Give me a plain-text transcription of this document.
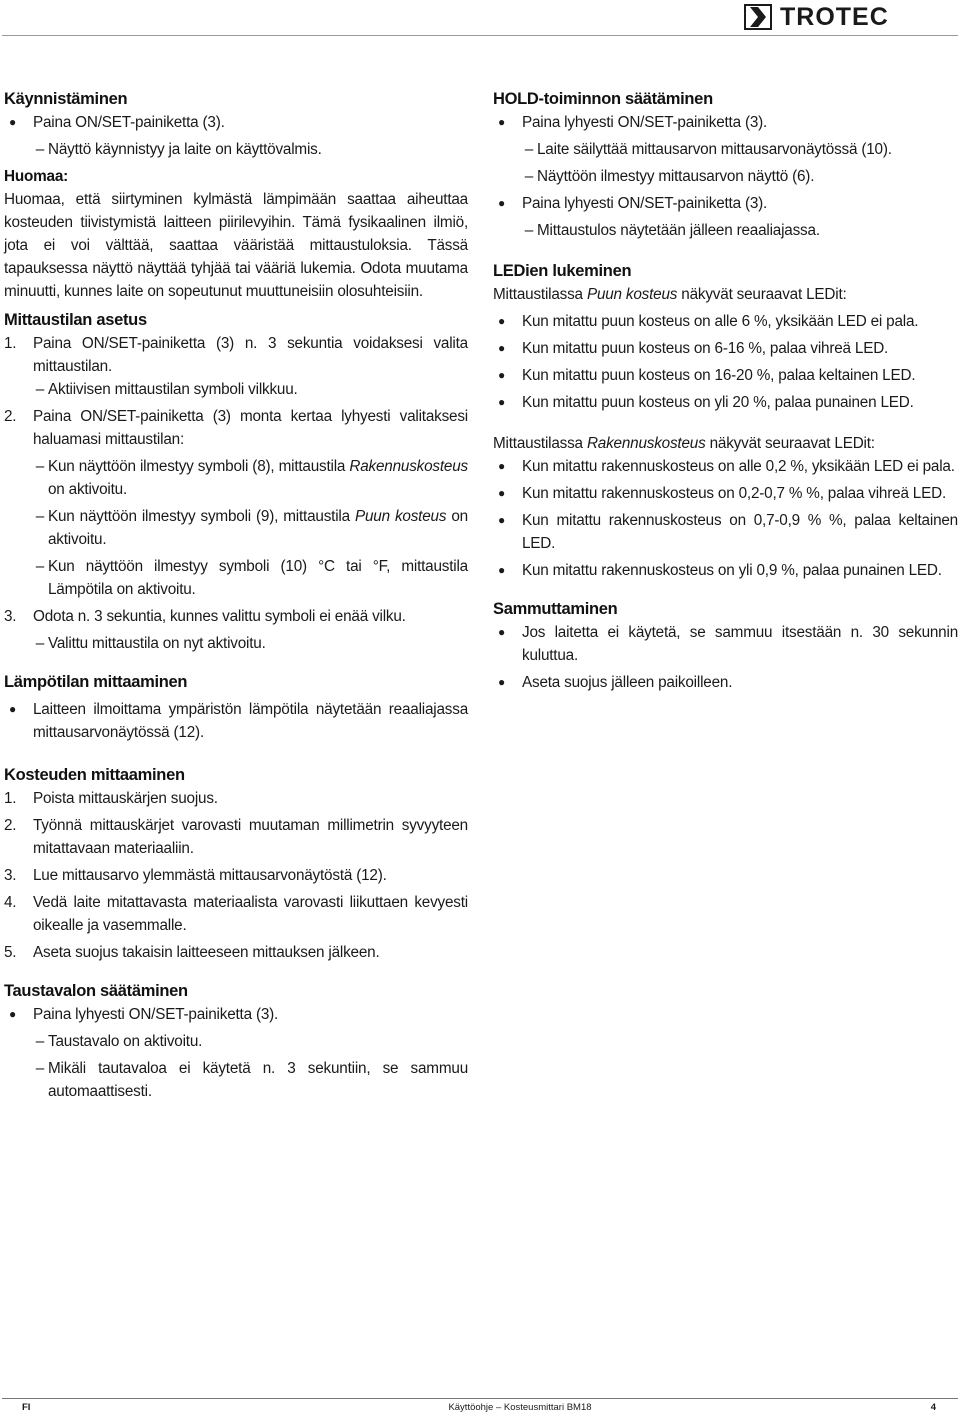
TROTEC
Käynnistäminen
● Paina ON/SET-painiketta (3).
– Näyttö käynnistyy ja laite on käyttövalmis.
Huomaa:

Huomaa, että siirtyminen kylmästä lämpimään saattaa aiheuttaa kosteuden tiivistymistä laitteen piirilevyihin. Tämä fysikaalinen ilmiö, jota ei voi välttää, saattaa vääristää mittaustuloksia. Tässä tapauksessa näyttö näyttää tyhjää tai vääriä lukemia. Odota muutama minuutti, kunnes laite on sopeutunut muuttuneisiin olosuhteisiin.

Mittaustilan asetus
1. Paina ON/SET-painiketta (3) n. 3 sekuntia voidaksesi valita mittaustilan.
– Aktiivisen mittaustilan symboli vilkkuu.
2. Paina ON/SET-painiketta (3) monta kertaa lyhyesti valitaksesi haluamasi mittaustilan:
– Kun näyttöön ilmestyy symboli (8), mittaustila Rakennuskosteus on aktivoitu.
– Kun näyttöön ilmestyy symboli (9), mittaustila Puun kosteus on aktivoitu.
– Kun näyttöön ilmestyy symboli (10) °C tai °F, mittaustila Lämpötila on aktivoitu.
3. Odota n. 3 sekuntia, kunnes valittu symboli ei enää vilku.
– Valittu mittaustila on nyt aktivoitu.
Lämpötilan mittaaminen
● Laitteen ilmoittama ympäristön lämpötila näytetään reaaliajassa mittausarvonäytössä (12).
Kosteuden mittaaminen
1. Poista mittauskärjen suojus.
2. Työnnä mittauskärjet varovasti muutaman millimetrin syvyyteen mitattavaan materiaaliin.
3. Lue mittausarvo ylemmästä mittausarvonäytöstä (12).
4. Vedä laite mitattavasta materiaalista varovasti liikuttaen kevyesti oikealle ja vasemmalle.
5. Aseta suojus takaisin laitteeseen mittauksen jälkeen.
Taustavalon säätäminen
● Paina lyhyesti ON/SET-painiketta (3).
– Taustavalo on aktivoitu.
– Mikäli tautavaloa ei käytetä n. 3 sekuntiin, se sammuu automaattisesti.
HOLD-toiminnon säätäminen
● Paina lyhyesti ON/SET-painiketta (3).
– Laite säilyttää mittausarvon mittausarvonäytössä (10).
– Näyttöön ilmestyy mittausarvon näyttö (6).
● Paina lyhyesti ON/SET-painiketta (3).
– Mittaustulos näytetään jälleen reaaliajassa.
LEDien lukeminen

Mittaustilassa Puun kosteus näkyvät seuraavat LEDit:

● Kun mitattu puun kosteus on alle 6 %, yksikään LED ei pala.
● Kun mitattu puun kosteus on 6-16 %, palaa vihreä LED.
● Kun mitattu puun kosteus on 16-20 %, palaa keltainen LED.
● Kun mitattu puun kosteus on yli 20 %, palaa punainen LED.

Mittaustilassa Rakennuskosteus näkyvät seuraavat LEDit:

● Kun mitattu rakennuskosteus on alle 0,2 %, yksikään LED ei pala.
● Kun mitattu rakennuskosteus on 0,2-0,7 % %, palaa vihreä LED.
● Kun mitattu rakennuskosteus on 0,7-0,9 % %, palaa keltainen LED.
● Kun mitattu rakennuskosteus on yli 0,9 %, palaa punainen LED.
Sammuttaminen
● Jos laitetta ei käytetä, se sammuu itsestään n. 30 sekunnin kuluttua.
● Aseta suojus jälleen paikoilleen.
FI	Käyttöohje – Kosteusmittari BM18	4
